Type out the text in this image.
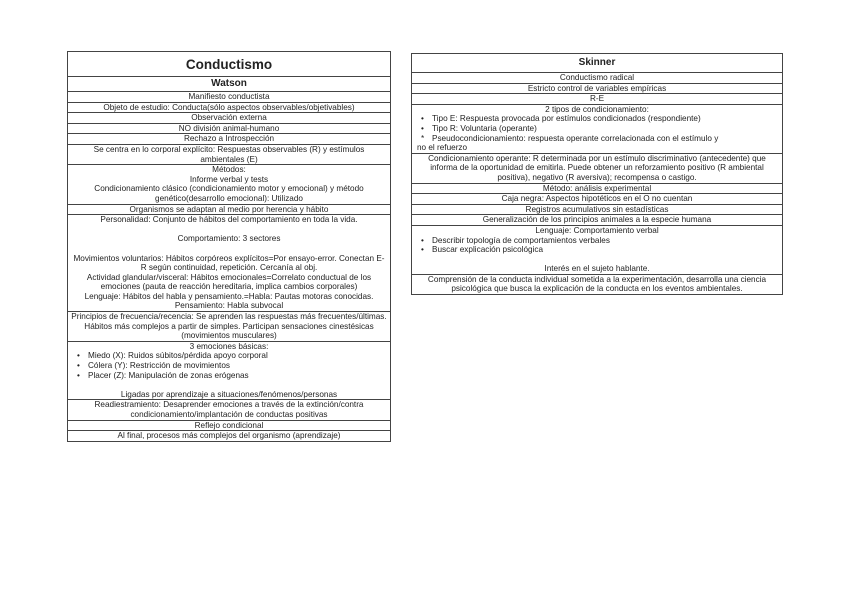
Conductismo
Watson
Manifiesto conductista
Objeto de estudio: Conducta(sólo aspectos observables/objetivables)
Observación externa
NO división animal-humano
Rechazo a Introspección
Se centra en lo corporal explícito: Respuestas observables (R) y estímulos ambientales (E)

Métodos:
Informe verbal y tests
Condicionamiento clásico (condicionamiento motor y emocional) y método genético(desarrollo emocional): Utilizado

Organismos se adaptan al medio por herencia y hábito

Personalidad: Conjunto de hábitos del comportamiento en toda la vida.
Comportamiento: 3 sectores
Movimientos voluntarios: Hábitos corpóreos explícitos=Por ensayo-error. Conectan E-R según continuidad, repetición. Cercanía al obj.
Actividad glandular/visceral: Hábitos emocionales=Correlato conductual de los emociones (pauta de reacción hereditaria, implica cambios corporales)
Lenguaje: Hábitos del habla y pensamiento.=Habla: Pautas motoras conocidas. Pensamiento: Habla subvocal

Principios de frecuencia/recencia: Se aprenden las respuestas más frecuentes/últimas. Hábitos más complejos a partir de simples. Participan sensaciones cinestésicas (movimientos musculares)

3 emociones básicas:
• Miedo (X): Ruidos súbitos/pérdida apoyo corporal
• Cólera (Y): Restricción de movimientos
• Placer (Z): Manipulación de zonas erógenas
Ligadas por aprendizaje a situaciones/fenómenos/personas

Readiestramiento: Desaprender emociones a través de la extinción/contra condicionamiento/implantación de conductas positivas
Reflejo condicional
Al final, procesos más complejos del organismo (aprendizaje)
Skinner
Conductismo radical
Estricto control de variables empíricas
R-E

2 tipos de condicionamiento:
• Tipo E: Respuesta provocada por estímulos condicionados (respondiente)
• Tipo R: Voluntaria (operante)
* Pseudocondicionamiento: respuesta operante correlacionada con el estímulo y
no el refuerzo

Condicionamiento operante: R determinada por un estímulo discriminativo (antecedente) que informa de la oportunidad de emitirla. Puede obtener un reforzamiento positivo (R ambiental positiva), negativo (R aversiva); recompensa o castigo.
Método: análisis experimental
Caja negra: Aspectos hipotéticos en el O no cuentan
Registros acumulativos sin estadísticas
Generalización de los principios animales a la especie humana

Lenguaje: Comportamiento verbal
• Describir topología de comportamientos verbales
• Buscar explicación psicológica
Interés en el sujeto hablante.

Comprensión de la conducta individual sometida a la experimentación, desarrolla una ciencia psicológica que busca la explicación de la conducta en los eventos ambientales.
